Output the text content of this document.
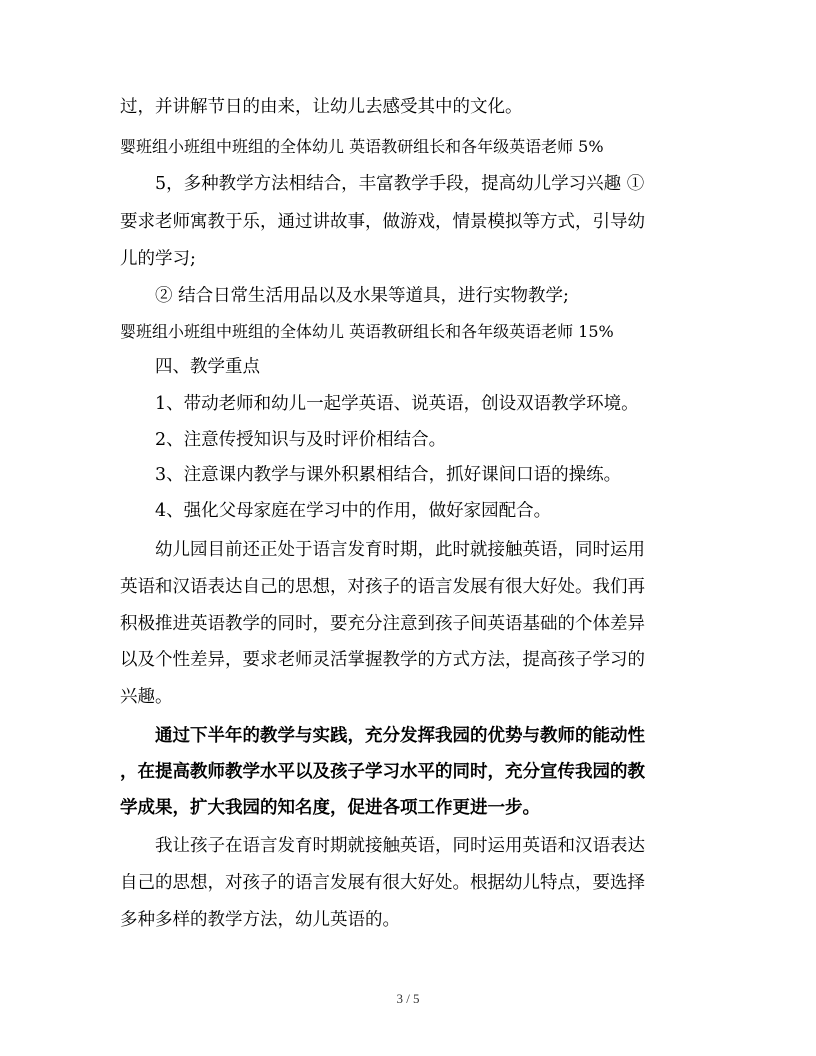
过，并讲解节日的由来，让幼儿去感受其中的文化。
婴班组小班组中班组的全体幼儿 英语教研组长和各年级英语老师 5%
5，多种教学方法相结合，丰富教学手段，提高幼儿学习兴趣 ①
要求老师寓教于乐，通过讲故事，做游戏，情景模拟等方式，引导幼
儿的学习;
② 结合日常生活用品以及水果等道具，进行实物教学;
婴班组小班组中班组的全体幼儿 英语教研组长和各年级英语老师 15%
四、教学重点
1、带动老师和幼儿一起学英语、说英语，创设双语教学环境。
2、注意传授知识与及时评价相结合。
3、注意课内教学与课外积累相结合，抓好课间口语的操练。
4、强化父母家庭在学习中的作用，做好家园配合。
幼儿园目前还正处于语言发育时期，此时就接触英语，同时运用
英语和汉语表达自己的思想，对孩子的语言发展有很大好处。我们再
积极推进英语教学的同时，要充分注意到孩子间英语基础的个体差异
以及个性差异，要求老师灵活掌握教学的方式方法，提高孩子学习的
兴趣。
通过下半年的教学与实践，充分发挥我园的优势与教师的能动性
，在提高教师教学水平以及孩子学习水平的同时，充分宣传我园的教
学成果，扩大我园的知名度，促进各项工作更进一步。
我让孩子在语言发育时期就接触英语，同时运用英语和汉语表达
自己的思想，对孩子的语言发展有很大好处。根据幼儿特点，要选择
多种多样的教学方法，幼儿英语的。
3 / 5
